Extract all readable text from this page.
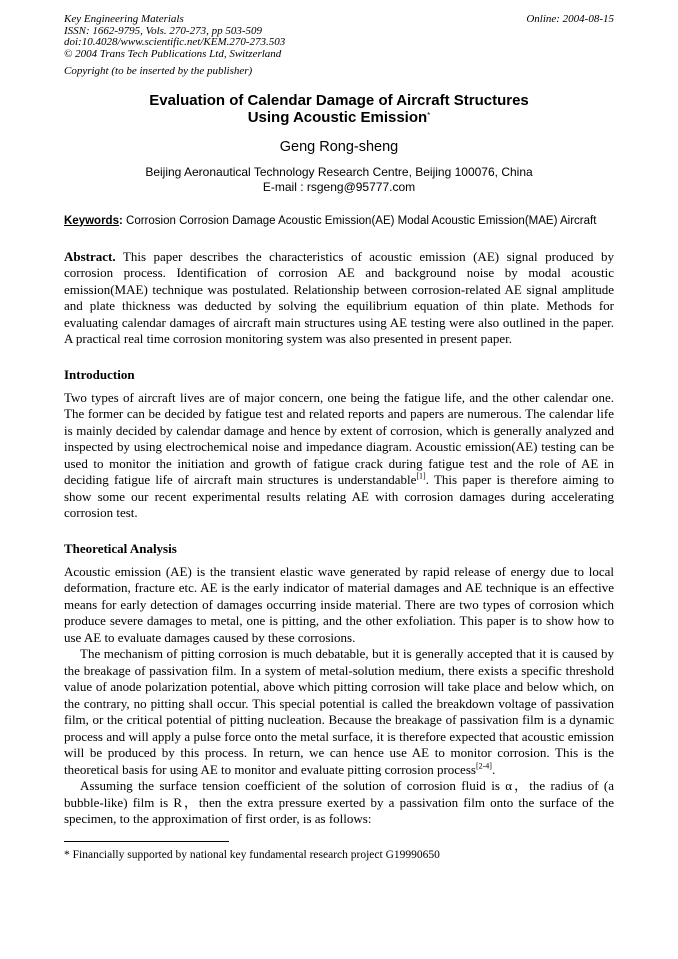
Key Engineering Materials	Online: 2004-08-15
ISSN: 1662-9795, Vols. 270-273, pp 503-509
doi:10.4028/www.scientific.net/KEM.270-273.503
© 2004 Trans Tech Publications Ltd, Switzerland
Copyright (to be inserted by the publisher)
Evaluation of Calendar Damage of Aircraft Structures
Using Acoustic Emission*
Geng Rong-sheng
Beijing Aeronautical Technology Research Centre, Beijing 100076, China
E-mail : rsgeng@95777.com
Keywords: Corrosion Corrosion Damage Acoustic Emission(AE) Modal Acoustic Emission(MAE) Aircraft

Abstract. This paper describes the characteristics of acoustic emission (AE) signal produced by corrosion process. Identification of corrosion AE and background noise by modal acoustic emission(MAE) technique was postulated. Relationship between corrosion-related AE signal amplitude and plate thickness was deducted by solving the equilibrium equation of thin plate. Methods for evaluating calendar damages of aircraft main structures using AE testing were also outlined in the paper. A practical real time corrosion monitoring system was also presented in present paper.

Introduction

Two types of aircraft lives are of major concern, one being the fatigue life, and the other calendar one. The former can be decided by fatigue test and related reports and papers are numerous. The calendar life is mainly decided by calendar damage and hence by extent of corrosion, which is generally analyzed and inspected by using electrochemical noise and impedance diagram. Acoustic emission(AE) testing can be used to monitor the initiation and growth of fatigue crack during fatigue test and the role of AE in deciding fatigue life of aircraft main structures is understandable[1]. This paper is therefore aiming to show some our recent experimental results relating AE with corrosion damages during accelerating corrosion test.

Theoretical Analysis

Acoustic emission (AE) is the transient elastic wave generated by rapid release of energy due to local deformation, fracture etc. AE is the early indicator of material damages and AE technique is an effective means for early detection of damages occurring inside material. There are two types of corrosion which produce severe damages to metal, one is pitting, and the other exfoliation. This paper is to show how to use AE to evaluate damages caused by these corrosions.

The mechanism of pitting corrosion is much debatable, but it is generally accepted that it is caused by the breakage of passivation film. In a system of metal-solution medium, there exists a specific threshold value of anode polarization potential, above which pitting corrosion will take place and below which, on the contrary, no pitting shall occur. This special potential is called the breakdown voltage of passivation film, or the critical potential of pitting nucleation. Because the breakage of passivation film is a dynamic process and will apply a pulse force onto the metal surface, it is therefore expected that acoustic emission will be produced by this process. In return, we can hence use AE to monitor corrosion. This is the theoretical basis for using AE to monitor and evaluate pitting corrosion process[2-4].

Assuming the surface tension coefficient of the solution of corrosion fluid is α，the radius of (a bubble-like) film is R，then the extra pressure exerted by a passivation film onto the surface of the specimen, to the approximation of first order, is as follows:

* Financially supported by national key fundamental research project G19990650
